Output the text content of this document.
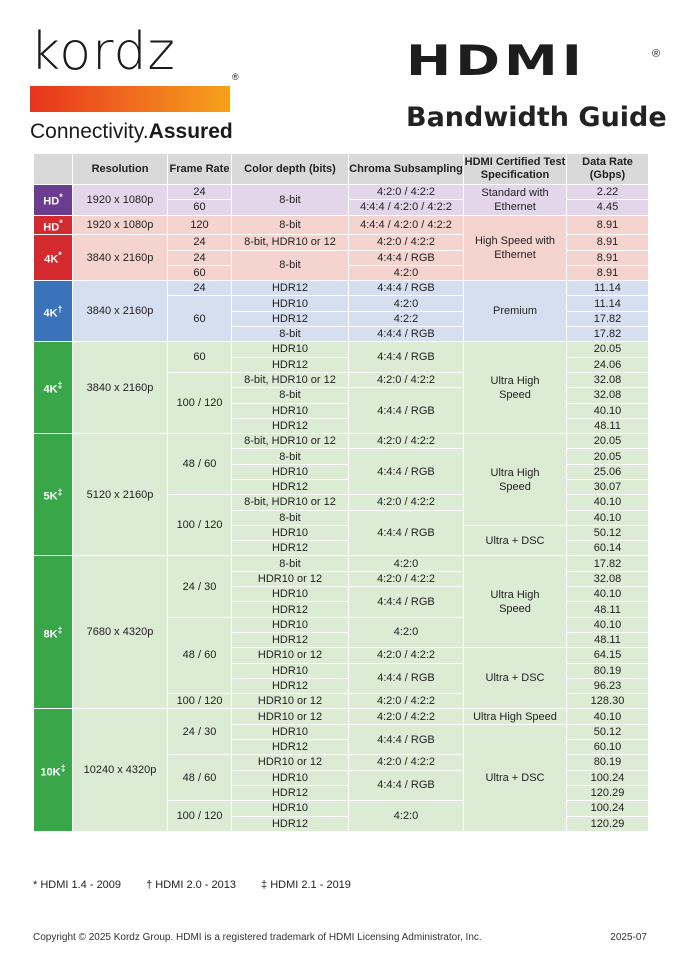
kordz	®
Connectivity.Assured
HDMI	®
Bandwidth Guide
	Resolution	Frame Rate	Color depth (bits)	Chroma Subsampling	HDMI Certified Test Specification	Data Rate (Gbps)
HD*	1920 x 1080p	24	8-bit	4:2:0 / 4:2:2	Standard with Ethernet	2.22
		60		4:4:4 / 4:2:0 / 4:2:2		4.45
HD*	1920 x 1080p	120	8-bit	4:4:4 / 4:2:0 / 4:2:2	High Speed with Ethernet	8.91
4K*	3840 x 2160p	24	8-bit, HDR10 or 12	4:2:0 / 4:2:2		8.91
		24	8-bit	4:4:4 / RGB		8.91
		60		4:2:0		8.91
4K†	3840 x 2160p	24	HDR12	4:4:4 / RGB	Premium	11.14
		60	HDR10	4:2:0		11.14
			HDR12	4:2:2		17.82
			8-bit	4:4:4 / RGB		17.82
4K‡	3840 x 2160p	60	HDR10	4:4:4 / RGB	Ultra High Speed	20.05
			HDR12			24.06
		100 / 120	8-bit, HDR10 or 12	4:2:0 / 4:2:2		32.08
			8-bit	4:4:4 / RGB		32.08
			HDR10			40.10
			HDR12			48.11
5K‡	5120 x 2160p	48 / 60	8-bit, HDR10 or 12	4:2:0 / 4:2:2	Ultra High Speed	20.05
			8-bit	4:4:4 / RGB		20.05
			HDR10			25.06
			HDR12			30.07
		100 / 120	8-bit, HDR10 or 12	4:2:0 / 4:2:2		40.10
			8-bit	4:4:4 / RGB		40.10
			HDR10		Ultra + DSC	50.12
			HDR12			60.14
8K‡	7680 x 4320p	24 / 30	8-bit	4:2:0	Ultra High Speed	17.82
			HDR10 or 12	4:2:0 / 4:2:2		32.08
			HDR10	4:4:4 / RGB		40.10
			HDR12			48.11
		48 / 60	HDR10	4:2:0		40.10
			HDR12			48.11
			HDR10 or 12	4:2:0 / 4:2:2	Ultra + DSC	64.15
			HDR10	4:4:4 / RGB		80.19
			HDR12			96.23
		100 / 120	HDR10 or 12	4:2:0 / 4:2:2		128.30
10K‡	10240 x 4320p	24 / 30	HDR10 or 12	4:2:0 / 4:2:2	Ultra High Speed	40.10
			HDR10	4:4:4 / RGB	Ultra + DSC	50.12
			HDR12			60.10
		48 / 60	HDR10 or 12	4:2:0 / 4:2:2		80.19
			HDR10	4:4:4 / RGB		100.24
			HDR12			120.29
		100 / 120	HDR10	4:2:0		100.24
			HDR12			120.29
* HDMI 1.4 - 2009 † HDMI 2.0 - 2013 ‡ HDMI 2.1 - 2019
Copyright © 2025 Kordz Group. HDMI is a registered trademark of HDMI Licensing Administrator, Inc.	2025-07
